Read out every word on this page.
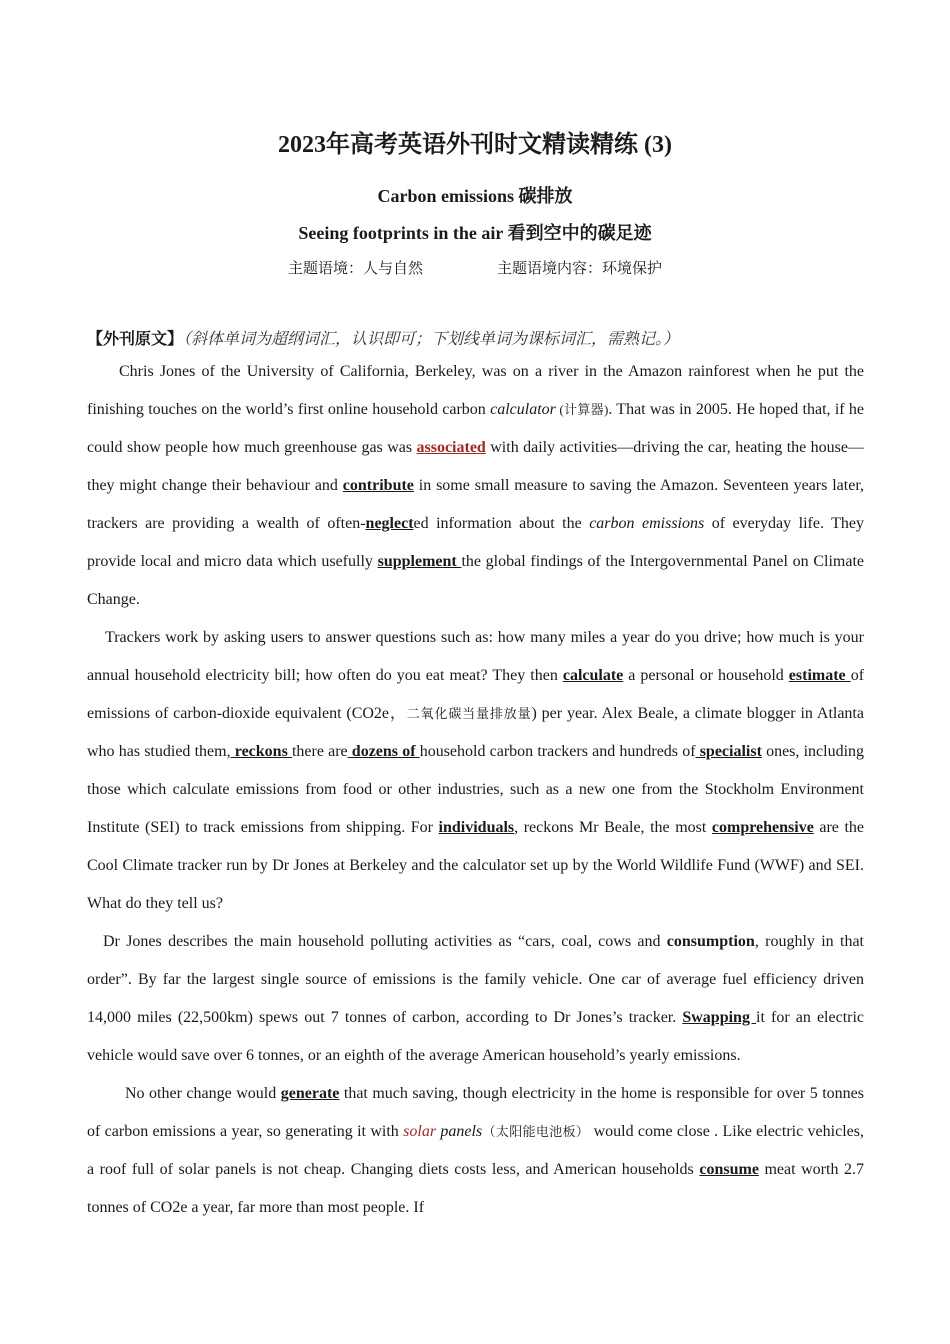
2023年高考英语外刊时文精读精练 (3)
Carbon emissions 碳排放
Seeing footprints in the air 看到空中的碳足迹
主题语境：人与自然	主题语境内容：环境保护
【外刊原文】（斜体单词为超纲词汇，认识即可；下划线单词为课标词汇，需熟记。）

Chris Jones of the University of California, Berkeley, was on a river in the Amazon rainforest when he put the finishing touches on the world’s first online household carbon calculator (计算器). That was in 2005. He hoped that, if he could show people how much greenhouse gas was associated with daily activities—driving the car, heating the house—they might change their behaviour and contribute in some small measure to saving the Amazon. Seventeen years later, trackers are providing a wealth of often-neglected information about the carbon emissions of everyday life. They provide local and micro data which usefully supplement the global findings of the Intergovernmental Panel on Climate Change.

Trackers work by asking users to answer questions such as: how many miles a year do you drive; how much is your annual household electricity bill; how often do you eat meat? They then calculate a personal or household estimate of emissions of carbon-dioxide equivalent (CO2e，二氧化碳当量排放量) per year. Alex Beale, a climate blogger in Atlanta who has studied them, reckons there are dozens of household carbon trackers and hundreds of specialist ones, including those which calculate emissions from food or other industries, such as a new one from the Stockholm Environment Institute (SEI) to track emissions from shipping. For individuals, reckons Mr Beale, the most comprehensive are the Cool Climate tracker run by Dr Jones at Berkeley and the calculator set up by the World Wildlife Fund (WWF) and SEI. What do they tell us?

Dr Jones describes the main household polluting activities as “cars, coal, cows and consumption, roughly in that order”. By far the largest single source of emissions is the family vehicle. One car of average fuel efficiency driven 14,000 miles (22,500km) spews out 7 tonnes of carbon, according to Dr Jones’s tracker. Swapping it for an electric vehicle would save over 6 tonnes, or an eighth of the average American household’s yearly emissions.

No other change would generate that much saving, though electricity in the home is responsible for over 5 tonnes of carbon emissions a year, so generating it with solar panels（太阳能电池板） would come close . Like electric vehicles, a roof full of solar panels is not cheap. Changing diets costs less, and American households consume meat worth 2.7 tonnes of CO2e a year, far more than most people. If
